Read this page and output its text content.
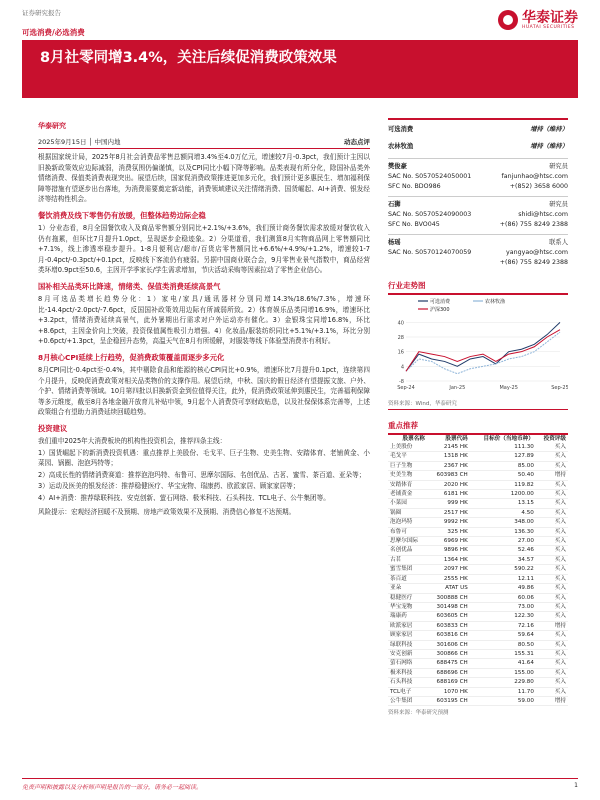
证券研究报告	华泰证券
HUATAI SECURITIES
可选消费/必选消费
8月社零同增3.4%，关注后续促消费政策效果
华泰研究
2025年9月15日 │ 中国内地	动态点评

根据国家统计局，2025年8月社会消费品零售总额同增3.4%至4.0万亿元，增速较7月-0.3pct，我们预计主因以旧换新政策效应边际减弱，消费氛围仍偏谨慎，以及CPI同比小幅下降等影响。品类表现有所分化，除国补品类外情绪消费、保值类消费表现突出。展望后续，国家促消费政策推进更加多元化，我们预计更多惠民生、增加福利保障等措施有望逐步出台落地，为消费需要奠定新动能，消费领域建议关注情绪消费、国货崛起、AI+消费、银发经济等结构性机会。

餐饮消费及线下零售仍有放缓，但整体趋势边际企稳

1）分业态看，8月全国餐饮收入及商品零售额分别同比+2.1%/+3.6%，我们预计商务餐饮需求放缓对餐饮收入仍有拖累，但环比7月提升1.0pct，呈现逐步企稳迹象。2）分渠道看，我们测算8月实物商品网上零售额同比+7.1%，线上渗透率稳步提升。1-8月便利店/超市/百货店零售额同比+6.6%/+4.9%/+1.2%，增速较1-7月-0.4pct/-0.3pct/+0.1pct，反映线下客流仍有疲弱。另据中国商业联合会，9月零售业景气指数中，商品经营类环增0.9pct至50.6，主因开学季家长/学生需求增加，节庆活动采购等因素拉动了零售企业信心。

国补相关品类环比降速，情绪类、保值类消费延续高景气

8月可选品类增长趋势分化：1）家电/家具/通讯器材分别同增14.3%/18.6%/7.3%，增速环比-14.4pct/-2.0pct/-7.6pct，反国国补政策效用边际有所减弱所致。2）体育娱乐品类同增16.9%，增速环比+3.2pct，情绪消费延续高景气，此外暑期出行需求对户外运动亦有催化。3）金银珠宝同增16.8%，环比+8.6pct，主因金价向上突破，投资保值属性吸引力增强。4）化妆品/服装纺织同比+5.1%/+3.1%，环比分别+0.6pct/+1.3pct，呈企稳回升态势，高温天气在8月有所缓解，对服装等线下体验型消费亦有利好。

8月核心CPI延续上行趋势，促消费政策覆盖面逐步多元化

8月CPI同比-0.4pct至-0.4%，其中剔除食品和能源的核心CPI同比+0.9%，增速环比7月提升0.1pct，连续第四个月提升，反映促消费政策对相关品类物价的支撑作用。展望后续，中秋、国庆的假日经济有望提振文旅、户外、个护、情绪消费等领域。10月第四批以旧换新资金到位值得关注，此外，促消费政策延伸到惠民生，完善福利保障等多元维度，截至8月各地金融开放育儿补贴申领，9月起个人消费贷可享财政贴息，以及社保保体系完善等，上述政策组合有望助力消费延续回暖趋势。

投资建议

我们重申2025年大消费板块的机构性投资机会，推荐四条主线：

1）国货崛起下的新消费投资机遇：重点推荐上美股份、毛戈平、巨子生物、史美生物、安踏体育、老铺黄金、小菜园、锅圈、泡泡玛特等；

2）高成长性的情绪消费赛道：推荐泡泡玛特、布鲁可、思摩尔国际、名创优品、古茗、蜜雪、茶百道、亚朵等；

3）运动及医美的银发经济：推荐稳健医疗、华宝宠物、瑞康药、欧派家居、顾家家居等；

4）AI+消费：推荐绿联科技、安克创新、萤石网络、极米科技、石头科技、TCL电子、公牛集团等。

风险提示：宏观经济回暖不及预期、房地产政策效果不及预期、消费信心修复不达预期。

可选消费	增持（维持）
农林牧渔	增持（维持）
樊俊豪	研究员
SAC No. S0570524050001	fanjunhao@htsc.com
SFC No. BDO986	+(852) 3658 6000
石狮	研究员
SAC No. S0570524090003	shidi@htsc.com
SFC No. BVO045	+(86) 755 8249 2388
杨瑶	联系人
SAC No. S0570124070059	yangyao@htsc.com
+(86) 755 8249 2388
行业走势图
-8
4
16
28
40
Sep-24	Jan-25	May-25	Sep-25
可选消费	农林牧渔
沪深300
资料来源：Wind，华泰研究
重点推荐
股票名称	股票代码	目标价（当地币种）	投资评级
上美股份	2145 HK	111.30	买入
毛戈平	1318 HK	127.89	买入
巨子生物	2367 HK	85.00	买入
史美生物	603983 CH	50.40	增持
安踏体育	2020 HK	119.82	买入
老铺黄金	6181 HK	1200.00	买入
小菜园	999 HK	13.15	买入
锅圈	2517 HK	4.50	买入
泡泡玛特	9992 HK	348.00	买入
布鲁可	325 HK	136.30	买入
思摩尔国际	6969 HK	27.00	买入
名创优品	9896 HK	52.46	买入
古茗	1364 HK	34.57	买入
蜜雪集团	2097 HK	590.22	买入
茶百道	2555 HK	12.11	买入
亚朵	ATAT US	49.86	买入
稳健医疗	300888 CH	60.06	买入
华宝宠物	301498 CH	73.00	买入
瑞康药	603605 CH	122.30	买入
欧派家居	603833 CH	72.16	增持
顾家家居	603816 CH	59.64	买入
绿联科技	301606 CH	80.50	买入
安克创新	300866 CH	155.31	买入
萤石网络	688475 CH	41.64	买入
极米科技	688696 CH	155.00	买入
石头科技	688169 CH	229.80	买入
TCL电子	1070 HK	11.70	买入
公牛集团	603195 CH	59.00	增持
资料来源：华泰研究预测
免责声明和披露以及分析师声明是报告的一部分，请务必一起阅读。	1
